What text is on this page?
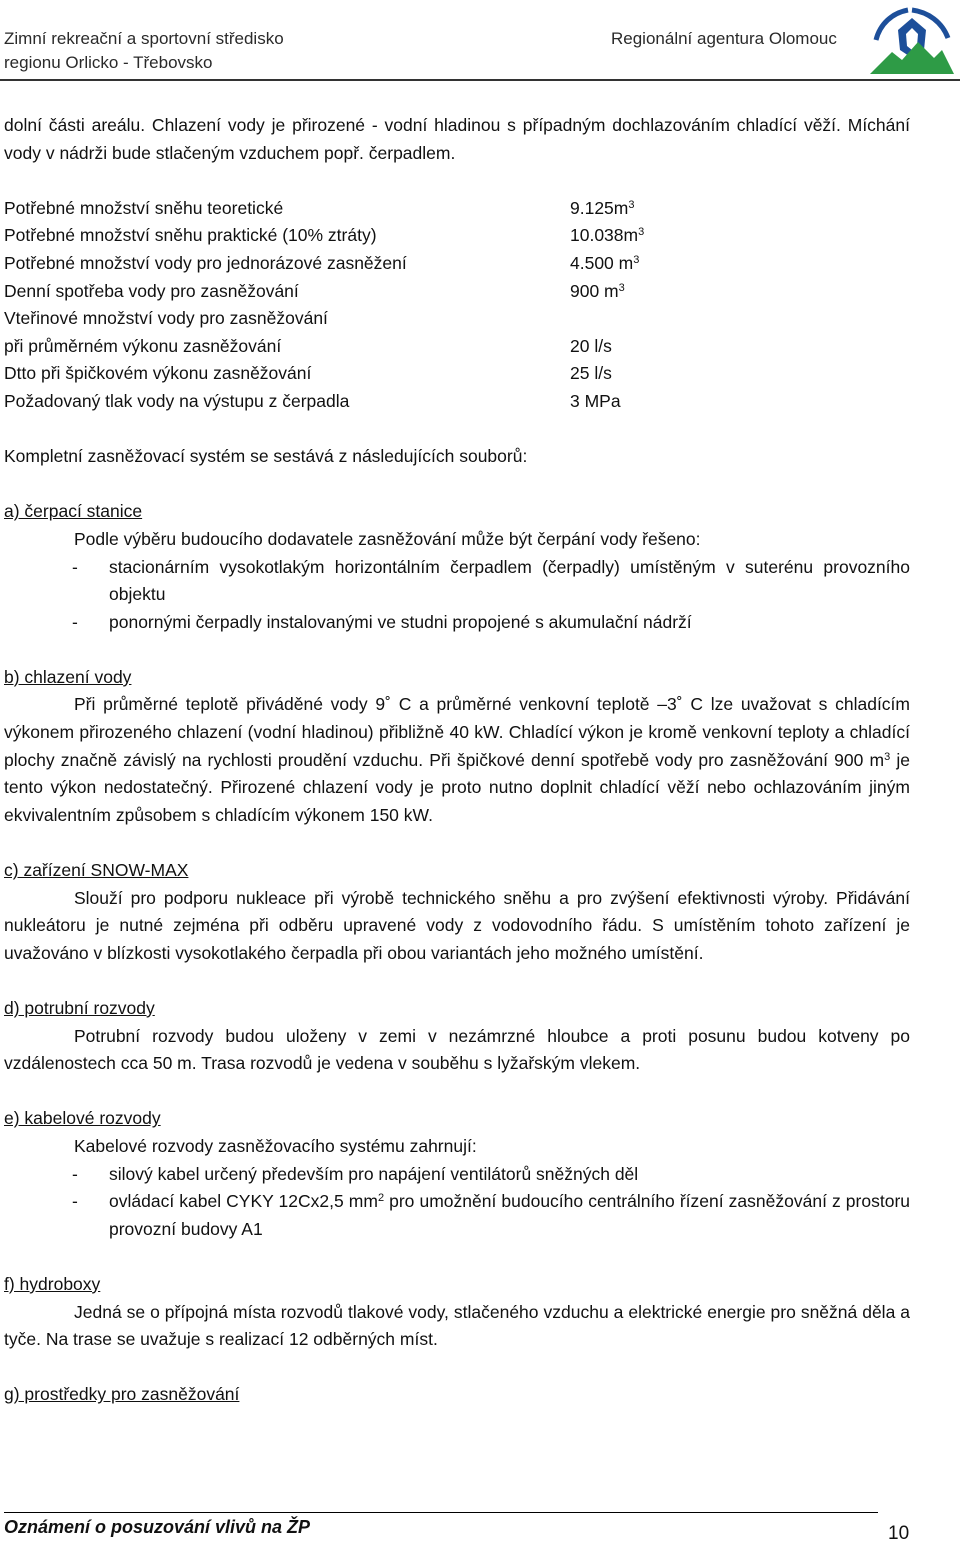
Zimní rekreační a sportovní středisko
regionu Orlicko - Třebovsko
Regionální agentura Olomouc

dolní části areálu. Chlazení vody je přirozené - vodní hladinou s případným dochlazováním chladící věží. Míchání vody v nádrži bude stlačeným vzduchem popř. čerpadlem.

Potřebné množství sněhu teoretické	$9.125m^3$
Potřebné množství sněhu praktické (10% ztráty)	$10.038m^3$
Potřebné množství vody pro jednorázové zasněžení	4.500 $m^3$
Denní spotřeba vody pro zasněžování	900 $m^3$
Vteřinové množství vody pro zasněžování
při průměrném výkonu zasněžování	20 l/s
Dtto při špičkovém výkonu zasněžování	25 l/s
Požadovaný tlak vody na výstupu z čerpadla	3 MPa

Kompletní zasněžovací systém se sestává z následujících souborů:

a) čerpací stanice

Podle výběru budoucího dodavatele zasněžování může být čerpání vody řešeno:

- stacionárním vysokotlakým horizontálním čerpadlem (čerpadly) umístěným v suterénu provozního objektu
- ponornými čerpadly instalovanými ve studni propojené s akumulační nádrží

b) chlazení vody

Při průměrné teplotě přiváděné vody 9˚ C a průměrné venkovní teplotě –3˚ C lze uvažovat s chladícím výkonem přirozeného chlazení (vodní hladinou) přibližně 40 kW. Chladící výkon je kromě venkovní teploty a chladící plochy značně závislý na rychlosti proudění vzduchu. Při špičkové denní spotřebě vody pro zasněžování 900 $m^3$ je tento výkon nedostatečný. Přirozené chlazení vody je proto nutno doplnit chladící věží nebo ochlazováním jiným ekvivalentním způsobem s chladícím výkonem 150 kW.

c) zařízení SNOW-MAX

Slouží pro podporu nukleace při výrobě technického sněhu a pro zvýšení efektivnosti výroby. Přidávání nukleátoru je nutné zejména při odběru upravené vody z vodovodního řádu. S umístěním tohoto zařízení je uvažováno v blízkosti vysokotlakého čerpadla při obou variantách jeho možného umístění.

d) potrubní rozvody

Potrubní rozvody budou uloženy v zemi v nezámrzné hloubce a proti posunu budou kotveny po vzdálenostech cca 50 m. Trasa rozvodů je vedena v souběhu s lyžařským vlekem.

e) kabelové rozvody

Kabelové rozvody zasněžovacího systému zahrnují:

- silový kabel určený především pro napájení ventilátorů sněžných děl
- ovládací kabel CYKY 12Cx2,5 $mm^2$ pro umožnění budoucího centrálního řízení zasněžování z prostoru provozní budovy A1

f) hydroboxy

Jedná se o přípojná místa rozvodů tlakové vody, stlačeného vzduchu a elektrické energie pro sněžná děla a tyče. Na trase se uvažuje s realizací 12 odběrných míst.

g) prostředky pro zasněžování

Oznámení o posuzování vlivů na ŽP	10
